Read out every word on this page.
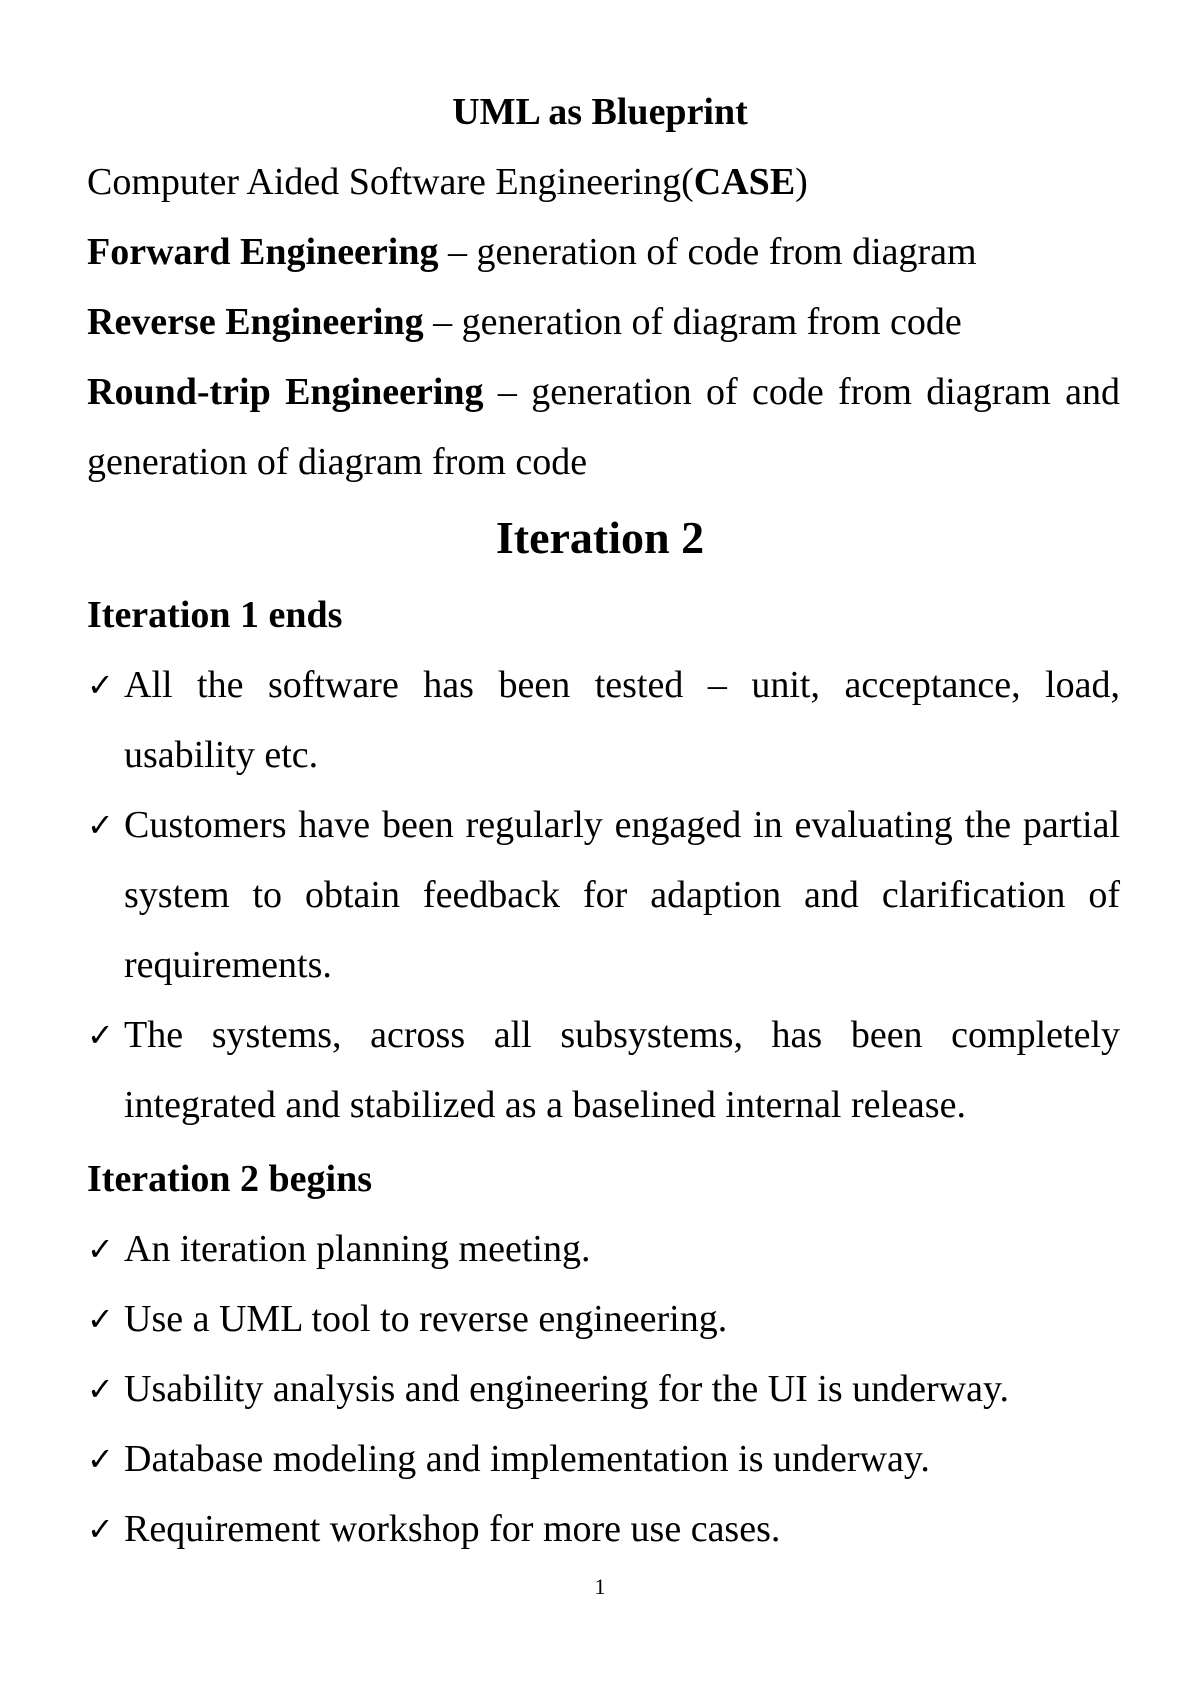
UML as Blueprint
Computer Aided Software Engineering(CASE)
Forward Engineering – generation of code from diagram
Reverse Engineering – generation of diagram from code
Round-trip Engineering – generation of code from diagram and generation of diagram from code
Iteration 2
Iteration 1 ends
✓ All the software has been tested – unit, acceptance, load, usability etc.
✓ Customers have been regularly engaged in evaluating the partial system to obtain feedback for adaption and clarification of requirements.
✓ The systems, across all subsystems, has been completely integrated and stabilized as a baselined internal release.
Iteration 2 begins
✓ An iteration planning meeting.
✓ Use a UML tool to reverse engineering.
✓ Usability analysis and engineering for the UI is underway.
✓ Database modeling and implementation is underway.
✓ Requirement workshop for more use cases.
1
